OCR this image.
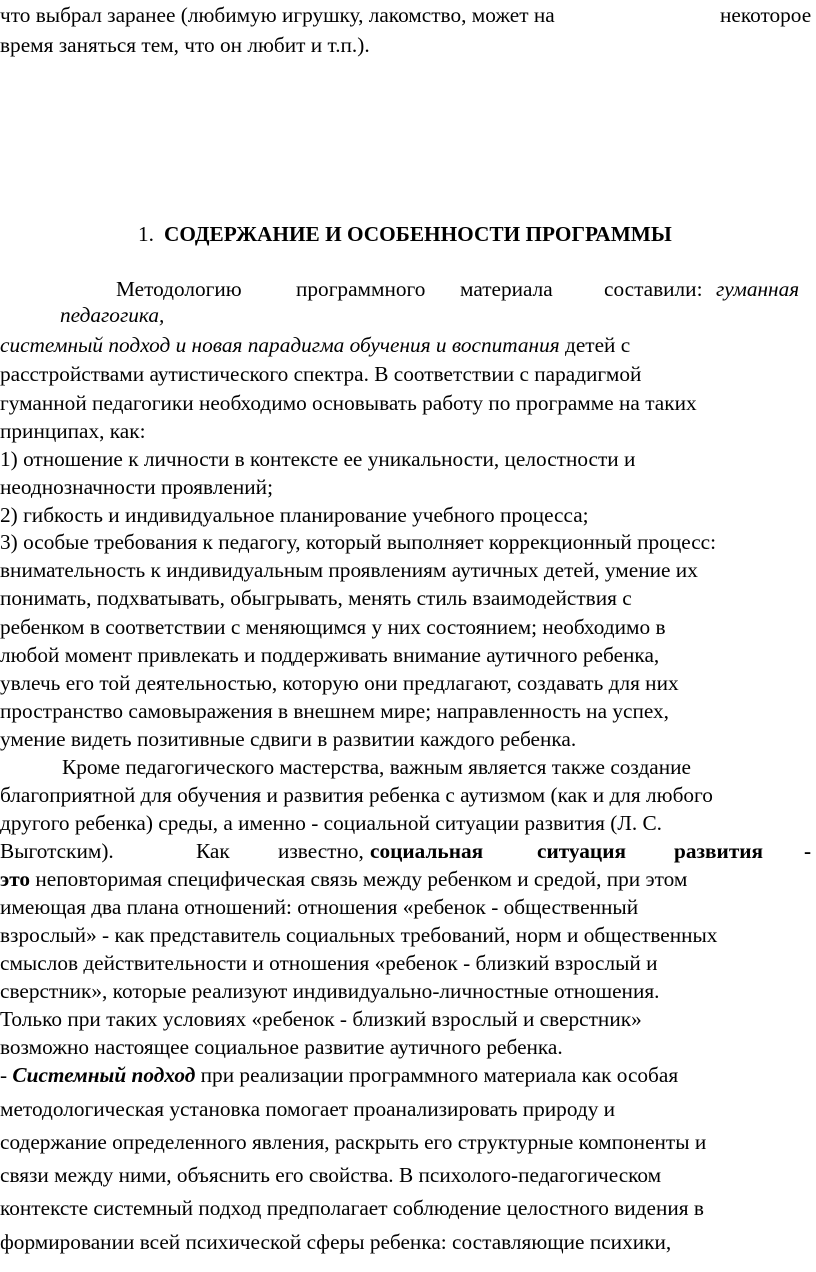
что выбрал заранее (любимую игрушку, лакомство, может на	некоторое
время заняться тем, что он любит и т.п.).
1. СОДЕРЖАНИЕ И ОСОБЕННОСТИ ПРОГРАММЫ
Методологию	программного материала составили: гуманная
педагогика,
системный подход и новая парадигма обучения и воспитания детей с
расстройствами аутистического спектра. В соответствии с парадигмой
гуманной педагогики необходимо основывать работу по программе на таких
принципах, как:
1) отношение к личности в контексте ее уникальности, целостности и
неоднозначности проявлений;
2) гибкость и индивидуальное планирование учебного процесса;
3) особые требования к педагогу, который выполняет коррекционный процесс:
внимательность к индивидуальным проявлениям аутичных детей, умение их
понимать, подхватывать, обыгрывать, менять стиль взаимодействия с
ребенком в соответствии с меняющимся у них состоянием; необходимо в
любой момент привлекать и поддерживать внимание аутичного ребенка,
увлечь его той деятельностью, которую они предлагают, создавать для них
пространство самовыражения в внешнем мире; направленность на успех,
умение видеть позитивные сдвиги в развитии каждого ребенка.
Кроме педагогического мастерства, важным является также создание
благоприятной для обучения и развития ребенка с аутизмом (как и для любого
другого ребенка) среды, а именно - социальной ситуации развития (Л. С.
Выготским).	Как известно, социальная	ситуация развития -
это неповторимая специфическая связь между ребенком и средой, при этом
имеющая два плана отношений: отношения «ребенок - общественный
взрослый» - как представитель социальных требований, норм и общественных
смыслов действительности и отношения «ребенок - близкий взрослый и
сверстник», которые реализуют индивидуально-личностные отношения.
Только при таких условиях «ребенок - близкий взрослый и сверстник»
возможно настоящее социальное развитие аутичного ребенка.
- Системный подход при реализации программного материала как особая
методологическая установка помогает проанализировать природу и
содержание определенного явления, раскрыть его структурные компоненты и
связи между ними, объяснить его свойства. В психолого-педагогическом
контексте системный подход предполагает соблюдение целостного видения в
формировании всей психической сферы ребенка: составляющие психики,
